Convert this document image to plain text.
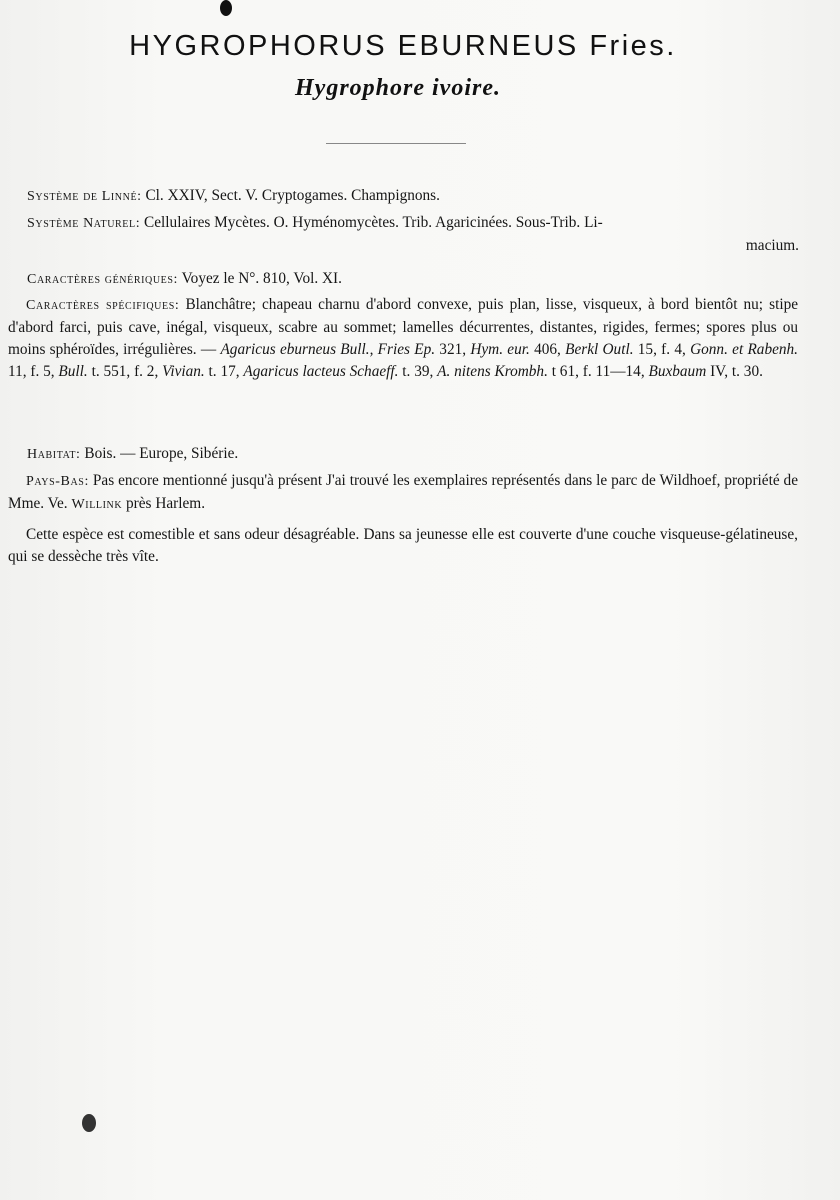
HYGROPHORUS EBURNEUS Fries.
Hygrophore ivoire.
Système de Linné: Cl. XXIV, Sect. V. Cryptogames. Champignons.
Système Naturel: Cellulaires Mycètes. O. Hyménomycètes. Trib. Agaricinées. Sous-Trib. Li-
macium.
Caractères génériques: Voyez le N°. 810, Vol. XI.
Caractères spécifiques: Blanchâtre; chapeau charnu d'abord convexe, puis plan, lisse, visqueux, à bord bientôt nu; stipe d'abord farci, puis cave, inégal, visqueux, scabre au sommet; lamelles décurrentes, distantes, rigides, fermes; spores plus ou moins sphéroïdes, irrégulières. — Agaricus eburneus Bull., Fries Ep. 321, Hym. eur. 406, Berkl Outl. 15, f. 4, Gonn. et Rabenh. 11, f. 5, Bull. t. 551, f. 2, Vivian. t. 17, Agaricus lacteus Schaeff. t. 39, A. nitens Krombh. t 61, f. 11—14, Buxbaum IV, t. 30.
Habitat: Bois. — Europe, Sibérie.
Pays-Bas: Pas encore mentionné jusqu'à présent J'ai trouvé les exemplaires représentés dans le parc de Wildhoef, propriété de Mme. Ve. Willink près Harlem.
Cette espèce est comestible et sans odeur désagréable. Dans sa jeunesse elle est couverte d'une couche visqueuse-gélatineuse, qui se dessèche très vîte.
